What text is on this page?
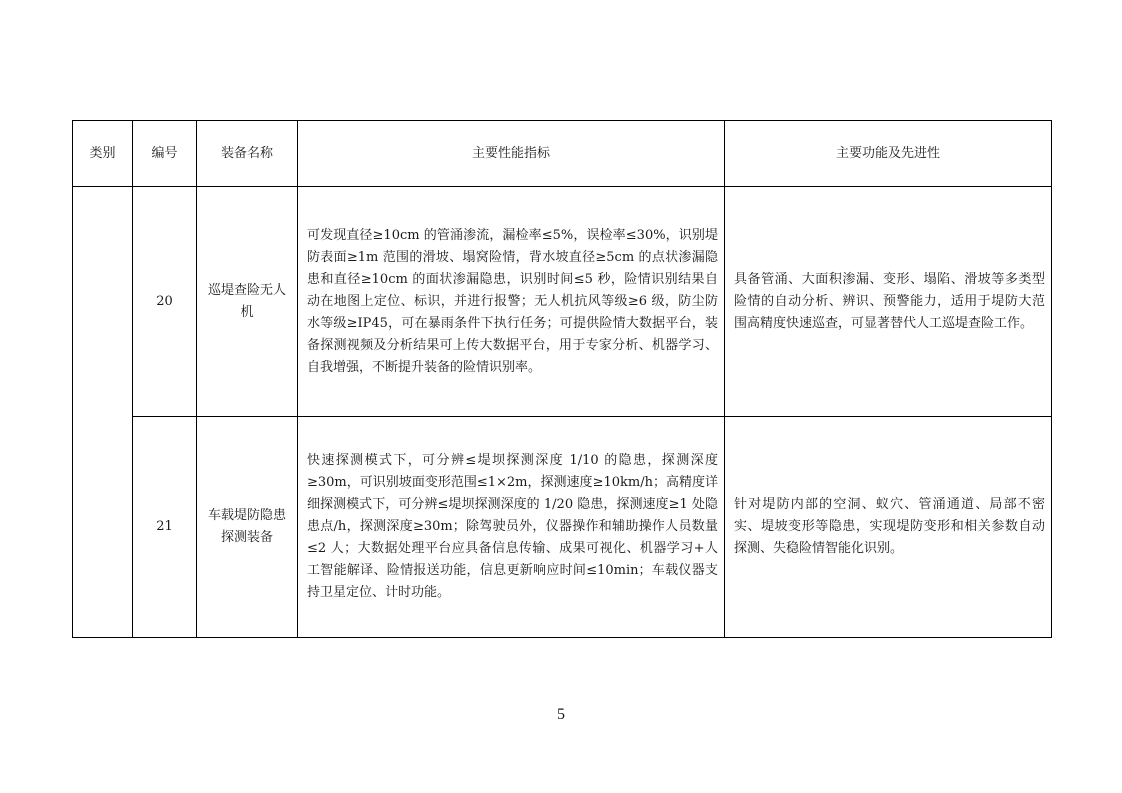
类别	编号	装备名称	主要性能指标	主要功能及先进性
	20	巡堤查险无人机	可发现直径≥10cm 的管涌渗流，漏检率≤5%，误检率≤30%，识别堤防表面≥1m 范围的滑坡、塌窝险情，背水坡直径≥5cm 的点状渗漏隐患和直径≥10cm 的面状渗漏隐患，识别时间≤5 秒，险情识别结果自动在地图上定位、标识，并进行报警；无人机抗风等级≥6 级，防尘防水等级≥IP45，可在暴雨条件下执行任务；可提供险情大数据平台，装备探测视频及分析结果可上传大数据平台，用于专家分析、机器学习、自我增强，不断提升装备的险情识别率。	具备管涌、大面积渗漏、变形、塌陷、滑坡等多类型险情的自动分析、辨识、预警能力，适用于堤防大范围高精度快速巡查，可显著替代人工巡堤查险工作。
	21	车载堤防隐患探测装备	快速探测模式下，可分辨≤堤坝探测深度 1/10 的隐患，探测深度≥30m，可识别坡面变形范围≤1×2m，探测速度≥10km/h；高精度详细探测模式下，可分辨≤堤坝探测深度的 1/20 隐患，探测速度≥1 处隐患点/h，探测深度≥30m；除驾驶员外，仪器操作和辅助操作人员数量≤2 人；大数据处理平台应具备信息传输、成果可视化、机器学习+人工智能解译、险情报送功能，信息更新响应时间≤10min；车载仪器支持卫星定位、计时功能。	针对堤防内部的空洞、蚁穴、管涌通道、局部不密实、堤坡变形等隐患，实现堤防变形和相关参数自动探测、失稳险情智能化识别。
5
